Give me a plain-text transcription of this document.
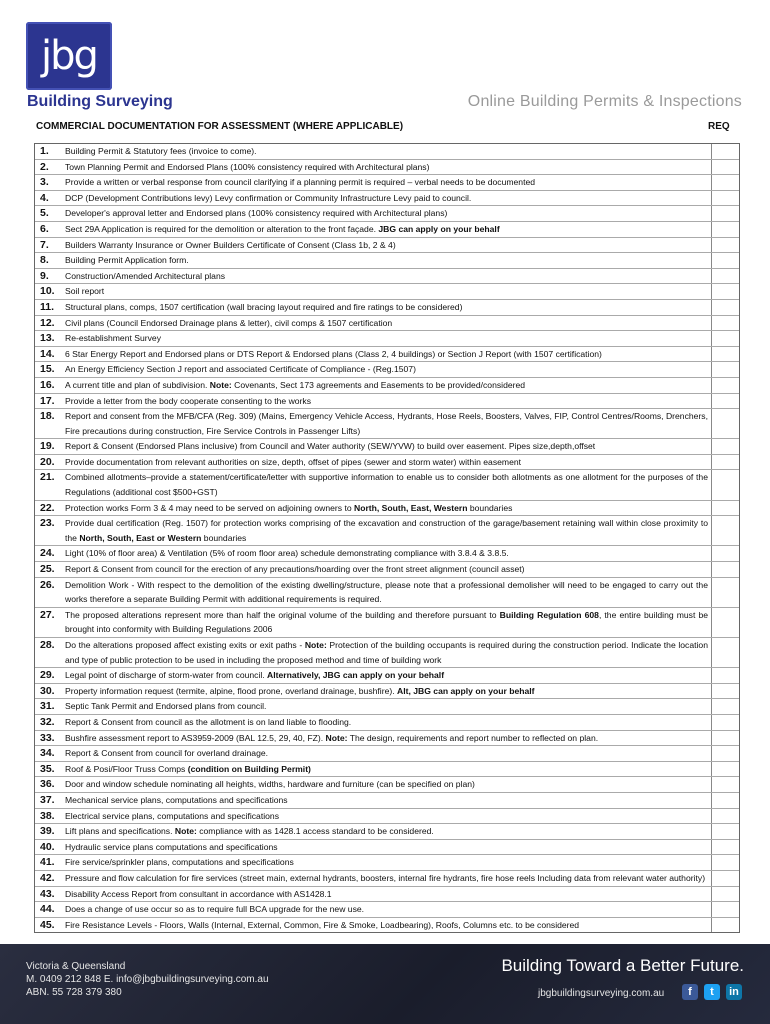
jbg
Building Surveying	Online Building Permits & Inspections
COMMERCIAL DOCUMENTATION FOR ASSESSMENT (WHERE APPLICABLE)	REQ
1.	Building Permit & Statutory fees (invoice to come).
2.	Town Planning Permit and Endorsed Plans (100% consistency required with Architectural plans)
3.	Provide a written or verbal response from council clarifying if a planning permit is required – verbal needs to be documented
4.	DCP (Development Contributions levy) Levy confirmation or Community Infrastructure Levy paid to council.
5.	Developer's approval letter and Endorsed plans (100% consistency required with Architectural plans)
6.	Sect 29A Application is required for the demolition or alteration to the front façade. JBG can apply on your behalf
7.	Builders Warranty Insurance or Owner Builders Certificate of Consent (Class 1b, 2 & 4)
8.	Building Permit Application form.
9.	Construction/Amended Architectural plans
10.	Soil report
11.	Structural plans, comps, 1507 certification (wall bracing layout required and fire ratings to be considered)
12.	Civil plans (Council Endorsed Drainage plans & letter), civil comps & 1507 certification
13.	Re-establishment Survey
14.	6 Star Energy Report and Endorsed plans or DTS Report & Endorsed plans (Class 2, 4 buildings) or Section J Report (with 1507 certification)
15.	An Energy Efficiency Section J report and associated Certificate of Compliance - (Reg.1507)
16.	A current title and plan of subdivision. Note: Covenants, Sect 173 agreements and Easements to be provided/considered
17.	Provide a letter from the body cooperate consenting to the works
18.	Report and consent from the MFB/CFA (Reg. 309) (Mains, Emergency Vehicle Access, Hydrants, Hose Reels, Boosters, Valves, FIP, Control Centres/Rooms, Drenchers, Fire precautions during construction, Fire Service Controls in Passenger Lifts)
19.	Report & Consent (Endorsed Plans inclusive) from Council and Water authority (SEW/YVW) to build over easement. Pipes size,depth,offset
20.	Provide documentation from relevant authorities on size, depth, offset of pipes (sewer and storm water) within easement
21.	Combined allotments–provide a statement/certificate/letter with supportive information to enable us to consider both allotments as one allotment for the purposes of the Regulations (additional cost $500+GST)
22.	Protection works Form 3 & 4 may need to be served on adjoining owners to North, South, East, Western boundaries
23.	Provide dual certification (Reg. 1507) for protection works comprising of the excavation and construction of the garage/basement retaining wall within close proximity to the North, South, East or Western boundaries
24.	Light (10% of floor area) & Ventilation (5% of room floor area) schedule demonstrating compliance with 3.8.4 & 3.8.5.
25.	Report & Consent from council for the erection of any precautions/hoarding over the front street alignment (council asset)
26.	Demolition Work - With respect to the demolition of the existing dwelling/structure, please note that a professional demolisher will need to be engaged to carry out the works therefore a separate Building Permit with additional requirements is required.
27.	The proposed alterations represent more than half the original volume of the building and therefore pursuant to Building Regulation 608, the entire building must be brought into conformity with Building Regulations 2006
28.	Do the alterations proposed affect existing exits or exit paths - Note: Protection of the building occupants is required during the construction period. Indicate the location and type of public protection to be used in including the proposed method and time of building work
29.	Legal point of discharge of storm-water from council. Alternatively, JBG can apply on your behalf
30.	Property information request (termite, alpine, flood prone, overland drainage, bushfire). Alt, JBG can apply on your behalf
31.	Septic Tank Permit and Endorsed plans from council.
32.	Report & Consent from council as the allotment is on land liable to flooding.
33.	Bushfire assessment report to AS3959-2009 (BAL 12.5, 29, 40, FZ). Note: The design, requirements and report number to reflected on plan.
34.	Report & Consent from council for overland drainage.
35.	Roof & Posi/Floor Truss Comps (condition on Building Permit)
36.	Door and window schedule nominating all heights, widths, hardware and furniture (can be specified on plan)
37.	Mechanical service plans, computations and specifications
38.	Electrical service plans, computations and specifications
39.	Lift plans and specifications. Note: compliance with as 1428.1 access standard to be considered.
40.	Hydraulic service plans computations and specifications
41.	Fire service/sprinkler plans, computations and specifications
42.	Pressure and flow calculation for fire services (street main, external hydrants, boosters, internal fire hydrants, fire hose reels Including data from relevant water authority)
43.	Disability Access Report from consultant in accordance with AS1428.1
44.	Does a change of use occur so as to require full BCA upgrade for the new use.
45.	Fire Resistance Levels - Floors, Walls (Internal, External, Common, Fire & Smoke, Loadbearing), Roofs, Columns etc. to be considered
Victoria & Queensland
M. 0409 212 848 E. info@jbgbuildingsurveying.com.au
ABN. 55 728 379 380
Building Toward a Better Future.
jbgbuildingsurveying.com.au	f	t	in
